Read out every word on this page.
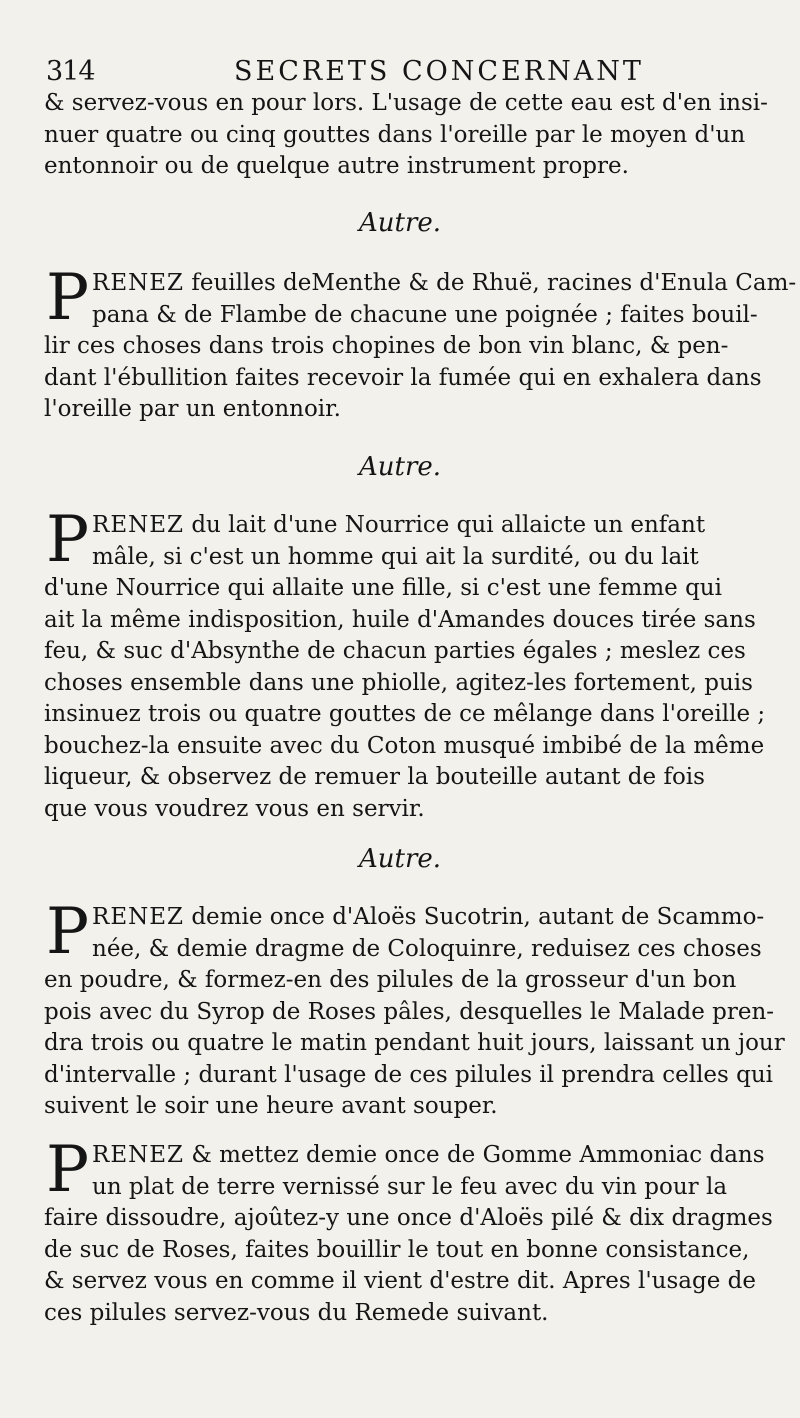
314	SECRETS CONCERNANT
& servez-vous en pour lors. L'usage de cette eau est d'en insi-
nuer quatre ou cinq gouttes dans l'oreille par le moyen d'un
entonnoir ou de quelque autre instrument propre.
Autre.
P RENEZ feuilles deMenthe & de Rhuë, racines d'Enula Cam-
pana & de Flambe de chacune une poignée ; faites bouil-
lir ces choses dans trois chopines de bon vin blanc, & pen-
dant l'ébullition faites recevoir la fumée qui en exhalera dans
l'oreille par un entonnoir.
Autre.
P RENEZ du lait d'une Nourrice qui allaicte un enfant
mâle, si c'est un homme qui ait la surdité, ou du lait
d'une Nourrice qui allaite une fille, si c'est une femme qui
ait la même indisposition, huile d'Amandes douces tirée sans
feu, & suc d'Absynthe de chacun parties égales ; meslez ces
choses ensemble dans une phiolle, agitez-les fortement, puis
insinuez trois ou quatre gouttes de ce mêlange dans l'oreille ;
bouchez-la ensuite avec du Coton musqué imbibé de la même
liqueur, & observez de remuer la bouteille autant de fois
que vous voudrez vous en servir.
Autre.
P RENEZ demie once d'Aloës Sucotrin, autant de Scammo-
née, & demie dragme de Coloquinre, reduisez ces choses
en poudre, & formez-en des pilules de la grosseur d'un bon
pois avec du Syrop de Roses pâles, desquelles le Malade pren-
dra trois ou quatre le matin pendant huit jours, laissant un jour
d'intervalle ; durant l'usage de ces pilules il prendra celles qui
suivent le soir une heure avant souper.
P RENEZ & mettez demie once de Gomme Ammoniac dans
un plat de terre vernissé sur le feu avec du vin pour la
faire dissoudre, ajoûtez-y une once d'Aloës pilé & dix dragmes
de suc de Roses, faites bouillir le tout en bonne consistance,
& servez vous en comme il vient d'estre dit. Apres l'usage de
ces pilules servez-vous du Remede suivant.
